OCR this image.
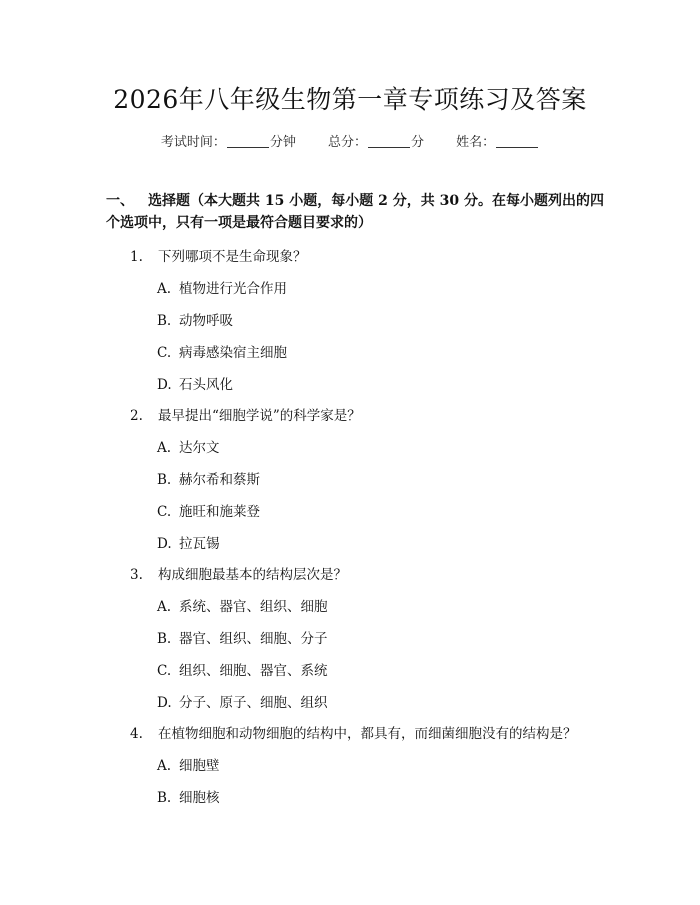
2026年八年级生物第一章专项练习及答案
考试时间：	分钟 总分：	分 姓名：
一、 选择题（本大题共 15 小题，每小题 2 分，共 30 分。在每小题列出的四个选项中，只有一项是最符合题目要求的）
1. 下列哪项不是生命现象？
A. 植物进行光合作用
B. 动物呼吸
C. 病毒感染宿主细胞
D. 石头风化
2. 最早提出“细胞学说”的科学家是？
A. 达尔文
B. 赫尔希和蔡斯
C. 施旺和施莱登
D. 拉瓦锡
3. 构成细胞最基本的结构层次是？
A. 系统、器官、组织、细胞
B. 器官、组织、细胞、分子
C. 组织、细胞、器官、系统
D. 分子、原子、细胞、组织
4. 在植物细胞和动物细胞的结构中，都具有，而细菌细胞没有的结构是？
A. 细胞壁
B. 细胞核
